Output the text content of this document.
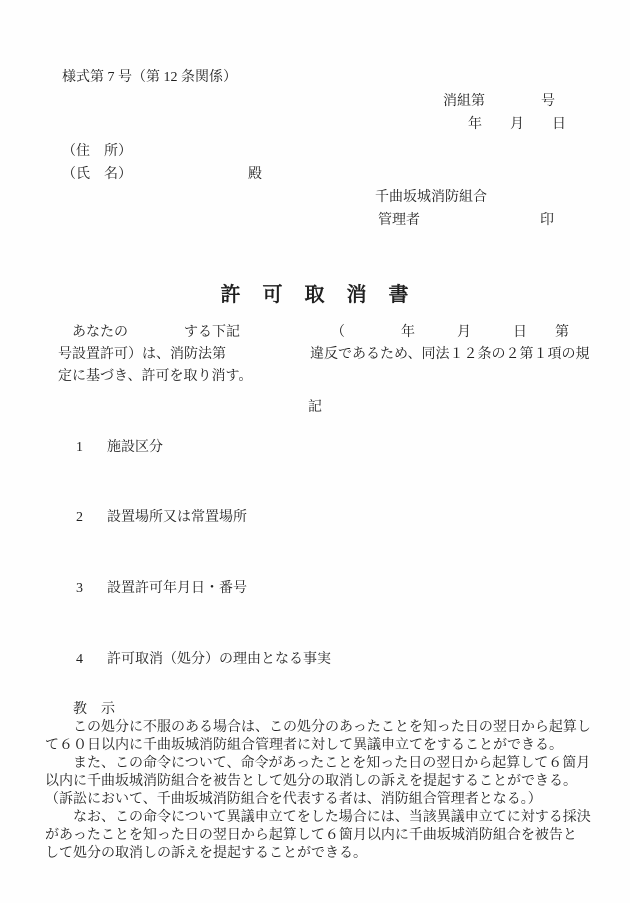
様式第 7 号（第 12 条関係）
消組第　　　　号
年　　月　　日
（住　所）
（氏　名）	殿
千曲坂城消防組合
管理者	印
許　可　取　消　書
　あなたの　　　　する下記　　　　　　　（　　　　年　　　月　　　日　　第
号設置許可）は、消防法第　　　　　　違反であるため、同法１２条の２第１項の規
定に基づき、許可を取り消す。
記

1 施設区分

2 設置場所又は常置場所

3 設置許可年月日・番号

4 許可取消（処分）の理由となる事実

　　教　示
　　この処分に不服のある場合は、この処分のあったことを知った日の翌日から起算し
て６０日以内に千曲坂城消防組合管理者に対して異議申立てをすることができる。
　　また、この命令について、命令があったことを知った日の翌日から起算して６箇月
以内に千曲坂城消防組合を被告として処分の取消しの訴えを提起することができる。
（訴訟において、千曲坂城消防組合を代表する者は、消防組合管理者となる。）
　　なお、この命令について異議申立てをした場合には、当該異議申立てに対する採決
があったことを知った日の翌日から起算して６箇月以内に千曲坂城消防組合を被告と
して処分の取消しの訴えを提起することができる。
